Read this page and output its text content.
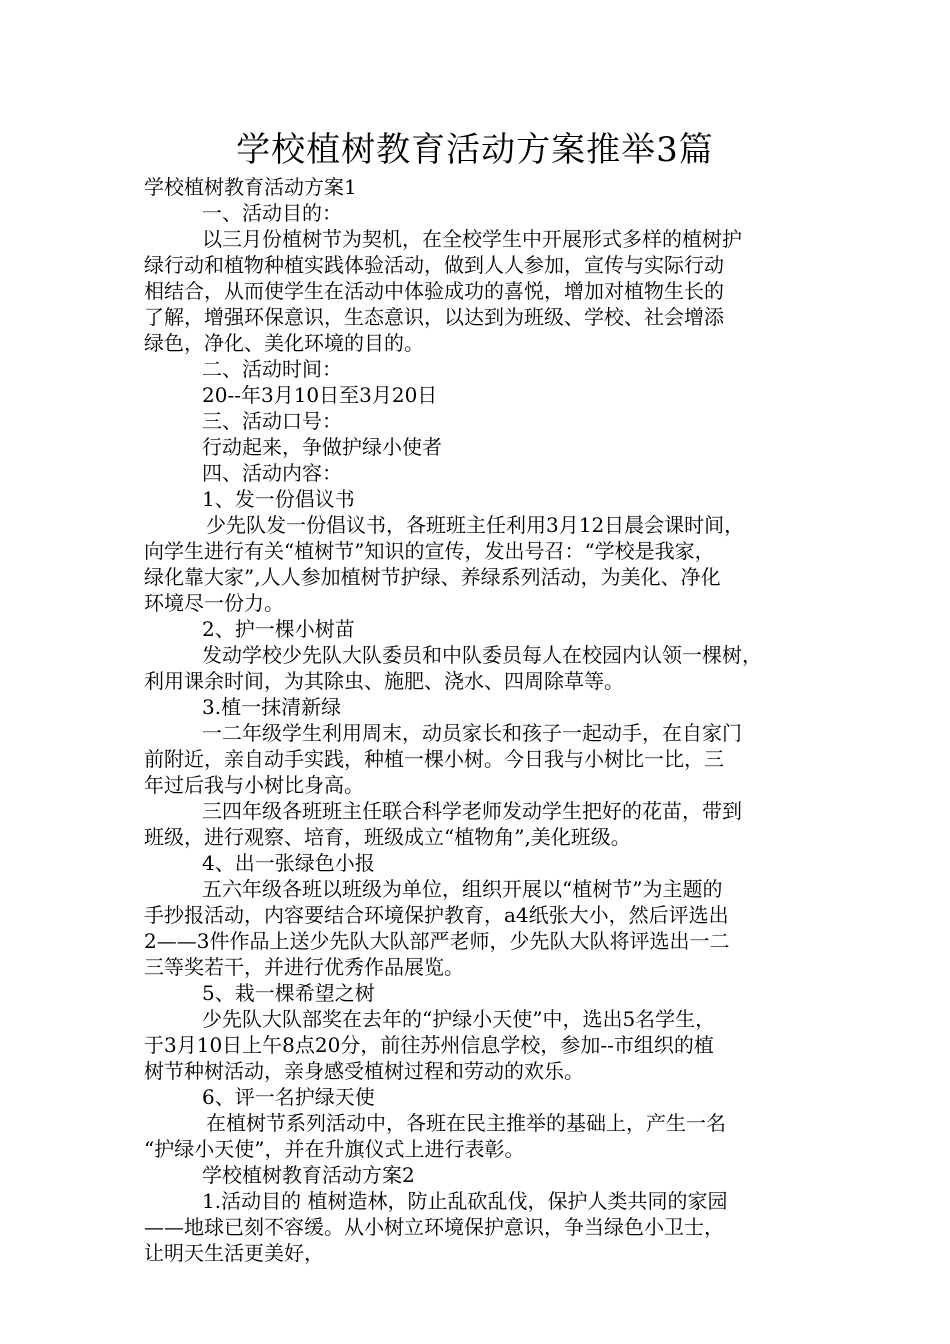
学校植树教育活动方案推举3篇

学校植树教育活动方案1

一、活动目的：

以三月份植树节为契机，在全校学生中开展形式多样的植树护

绿行动和植物种植实践体验活动，做到人人参加，宣传与实际行动

相结合，从而使学生在活动中体验成功的喜悦，增加对植物生长的

了解，增强环保意识，生态意识，以达到为班级、学校、社会增添

绿色，净化、美化环境的目的。

二、活动时间：

20--年3月10日至3月20日

三、活动口号：

行动起来，争做护绿小使者

四、活动内容：

1、发一份倡议书

少先队发一份倡议书，各班班主任利用3月12日晨会课时间，

向学生进行有关“植树节”知识的宣传，发出号召：“学校是我家，

绿化靠大家”,人人参加植树节护绿、养绿系列活动，为美化、净化

环境尽一份力。

2、护一棵小树苗

发动学校少先队大队委员和中队委员每人在校园内认领一棵树，

利用课余时间，为其除虫、施肥、浇水、四周除草等。

3.植一抹清新绿

一二年级学生利用周末，动员家长和孩子一起动手，在自家门

前附近，亲自动手实践，种植一棵小树。今日我与小树比一比，三

年过后我与小树比身高。

三四年级各班班主任联合科学老师发动学生把好的花苗，带到

班级，进行观察、培育，班级成立“植物角”,美化班级。

4、出一张绿色小报

五六年级各班以班级为单位，组织开展以“植树节”为主题的

手抄报活动，内容要结合环境保护教育，a4纸张大小，然后评选出

2——3件作品上送少先队大队部严老师，少先队大队将评选出一二

三等奖若干，并进行优秀作品展览。

5、栽一棵希望之树

少先队大队部奖在去年的“护绿小天使”中，选出5名学生，

于3月10日上午8点20分，前往苏州信息学校，参加--市组织的植

树节种树活动，亲身感受植树过程和劳动的欢乐。

6、评一名护绿天使

在植树节系列活动中，各班在民主推举的基础上，产生一名

“护绿小天使”，并在升旗仪式上进行表彰。

学校植树教育活动方案2

1.活动目的 植树造林，防止乱砍乱伐，保护人类共同的家园

——地球已刻不容缓。从小树立环境保护意识，争当绿色小卫士，

让明天生活更美好，
